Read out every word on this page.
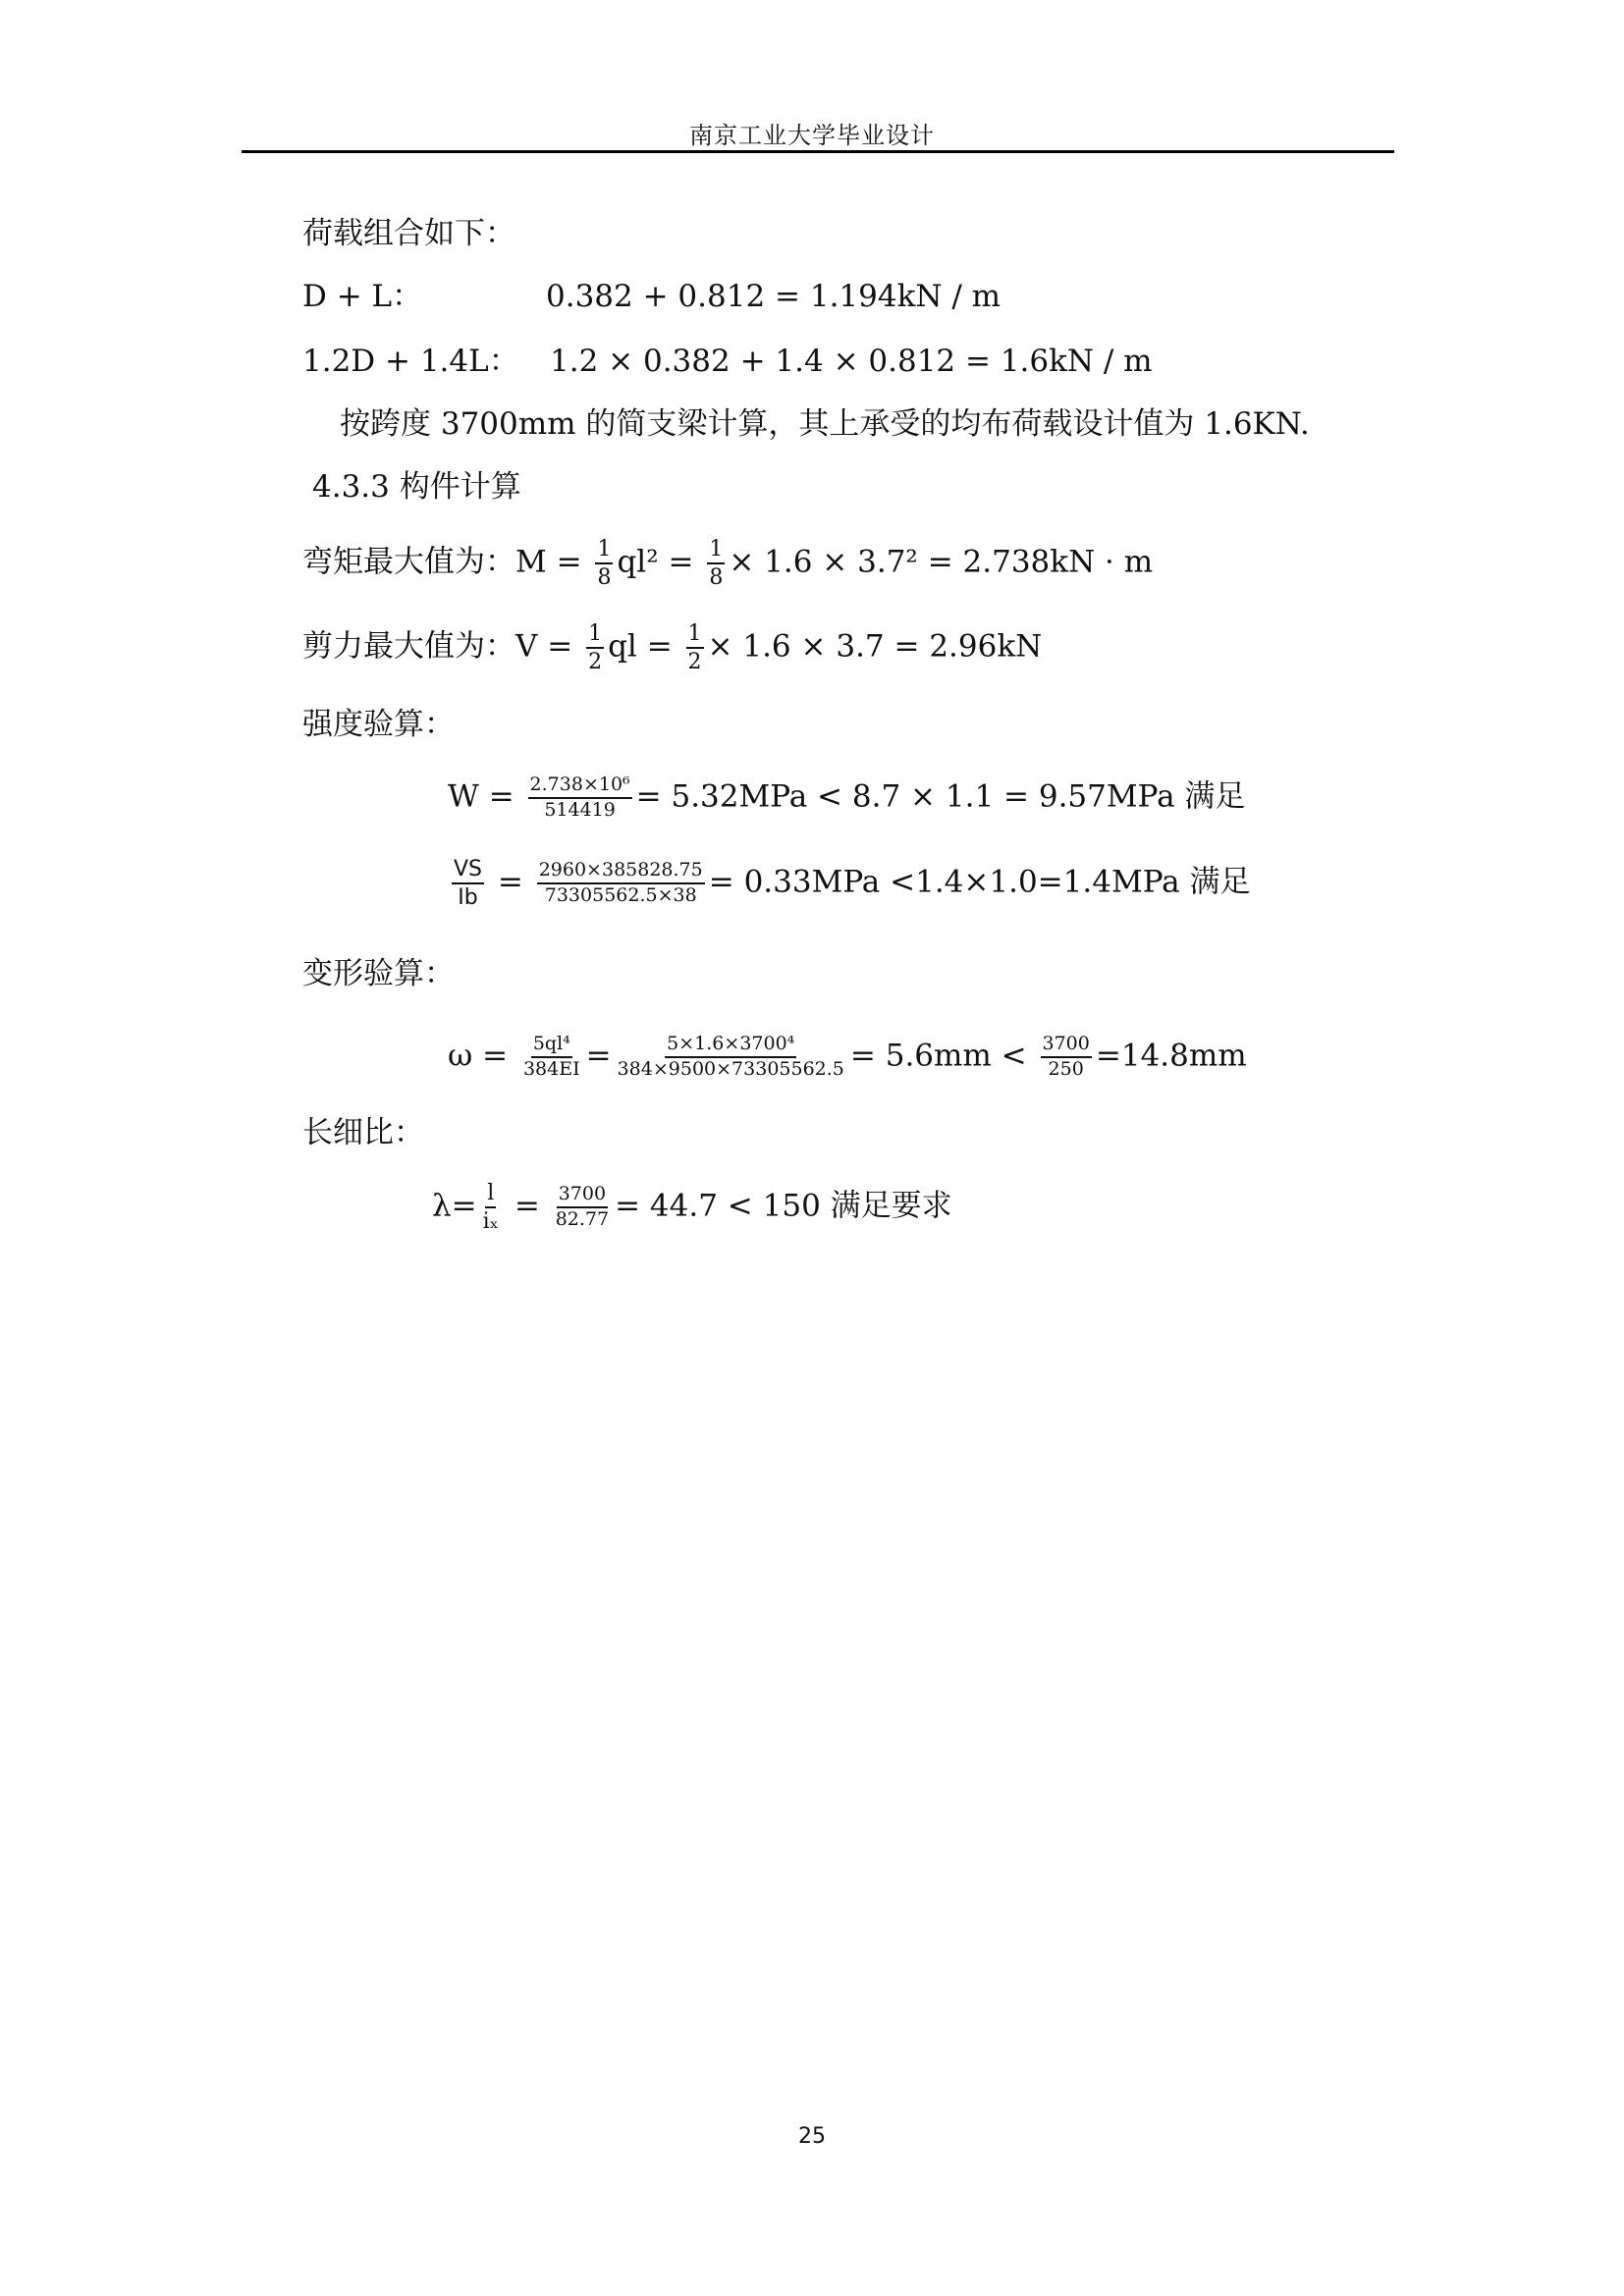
南京工业大学毕业设计
荷载组合如下：
D + L：	0.382 + 0.812 = 1.194kN / m
1.2D + 1.4L： 1.2 × 0.382 + 1.4 × 0.812 = 1.6kN / m
按跨度 3700mm 的简支梁计算，其上承受的均布荷载设计值为 1.6KN.
4.3.3 构件计算
弯矩最大值为：$M = \frac{1}{8} ql^2 = \frac{1}{8} \times 1.6 \times 3.7^2 = 2.738kN \cdot m$
剪力最大值为：$V = \frac{1}{2}$ ql = $\frac{1}{2} \times 1.6 \times 3.7 = 2.96kN$
强度验算：
$W = \frac{\text{2.738×10⁶}}{514419} = 5.32MPa < 8.7 \times 1.1 = 9.57MPa$ 满足
$\frac{VS}{Ib} = \frac{2960\times 385828.75}{73305562.5\times 38} = 0.33MPa <1.4\times 1.0=1.4MPa$ 满足
变形验算：
$\omega = \frac{\text{5ql⁴}}{384EI} = \frac{\text{5×1.6×3700⁴}}{384\times 9500\times 73305562.5} = 5.6mm < \frac{3700}{250} =14.8mm$
长细比：
$\lambda= \frac{l}{\text{iₓ}} = \frac{3700}{82.77} = 44.7 < 150$ 满足要求
25
